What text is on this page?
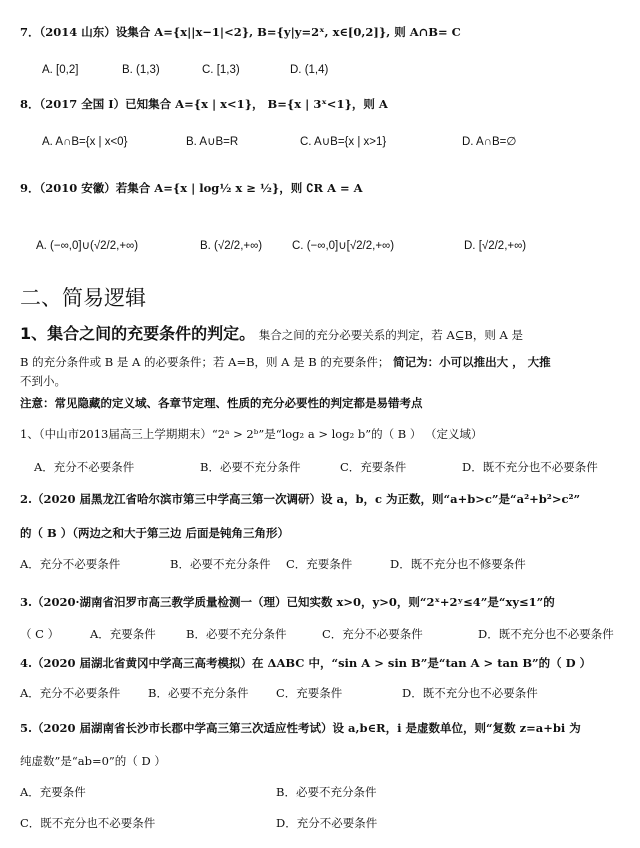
7．（2014 山东）设集合 A={x||x−1|<2}, B={y|y=2ˣ, x∈[0,2]}, 则 A∩B= C
A. [0,2]	B. (1,3)	C. [1,3)	D. (1,4)
8．（2017 全国 Ⅰ）已知集合 A={x | x<1}， B={x | 3ˣ<1}，则 A
A. A∩B={x | x<0}	B. A∪B=R	C. A∪B={x | x>1}	D. A∩B=∅
9．（2010 安徽）若集合 A={x | log½ x ≥ ½}，则 ∁R A = A
A. (−∞,0]∪(√2/2,+∞)	B. (√2/2,+∞)	C. (−∞,0]∪[√2/2,+∞)	D. [√2/2,+∞)
二、简易逻辑
1、集合之间的充要条件的判定。 集合之间的充分必要关系的判定，若 A⊆B，则 A 是
B 的充分条件或 B 是 A 的必要条件；若 A=B，则 A 是 B 的充要条件； 简记为：小可以推出大 ， 大推
不到小。
注意：常见隐藏的定义域、各章节定理、性质的充分必要性的判定都是易错考点
1、（中山市2013届高三上学期期末）“2ᵃ > 2ᵇ”是“log₂ a > log₂ b”的（ B ） （定义域）
A．充分不必要条件	B．必要不充分条件	C．充要条件	D．既不充分也不必要条件
2.（2020 届黑龙江省哈尔滨市第三中学高三第一次调研）设 a，b，c 为正数，则“a+b>c”是“a²+b²>c²”
的（ B ）（两边之和大于第三边 后面是钝角三角形）
A．充分不必要条件	B．必要不充分条件 C．充要条件	D．既不充分也不修要条件
3.（2020·湖南省汨罗市高三教学质量检测一（理）已知实数 x>0，y>0，则“2ˣ+2ʸ≤4”是“xy≤1”的
（ C ）	A．充要条件	B．必要不充分条件	C．充分不必要条件	D．既不充分也不必要条件
4.（2020 届湖北省黄冈中学高三高考模拟）在 ΔABC 中，“sin A > sin B”是“tan A > tan B”的（ D ）
A．充分不必要条件 B．必要不充分条件 C．充要条件	D．既不充分也不必要条件
5.（2020 届湖南省长沙市长郡中学高三第三次适应性考试）设 a,b∈R，i 是虚数单位，则“复数 z=a+bi 为
纯虚数”是“ab=0”的（ D ）
A．充要条件	B．必要不充分条件
C．既不充分也不必要条件	D．充分不必要条件
